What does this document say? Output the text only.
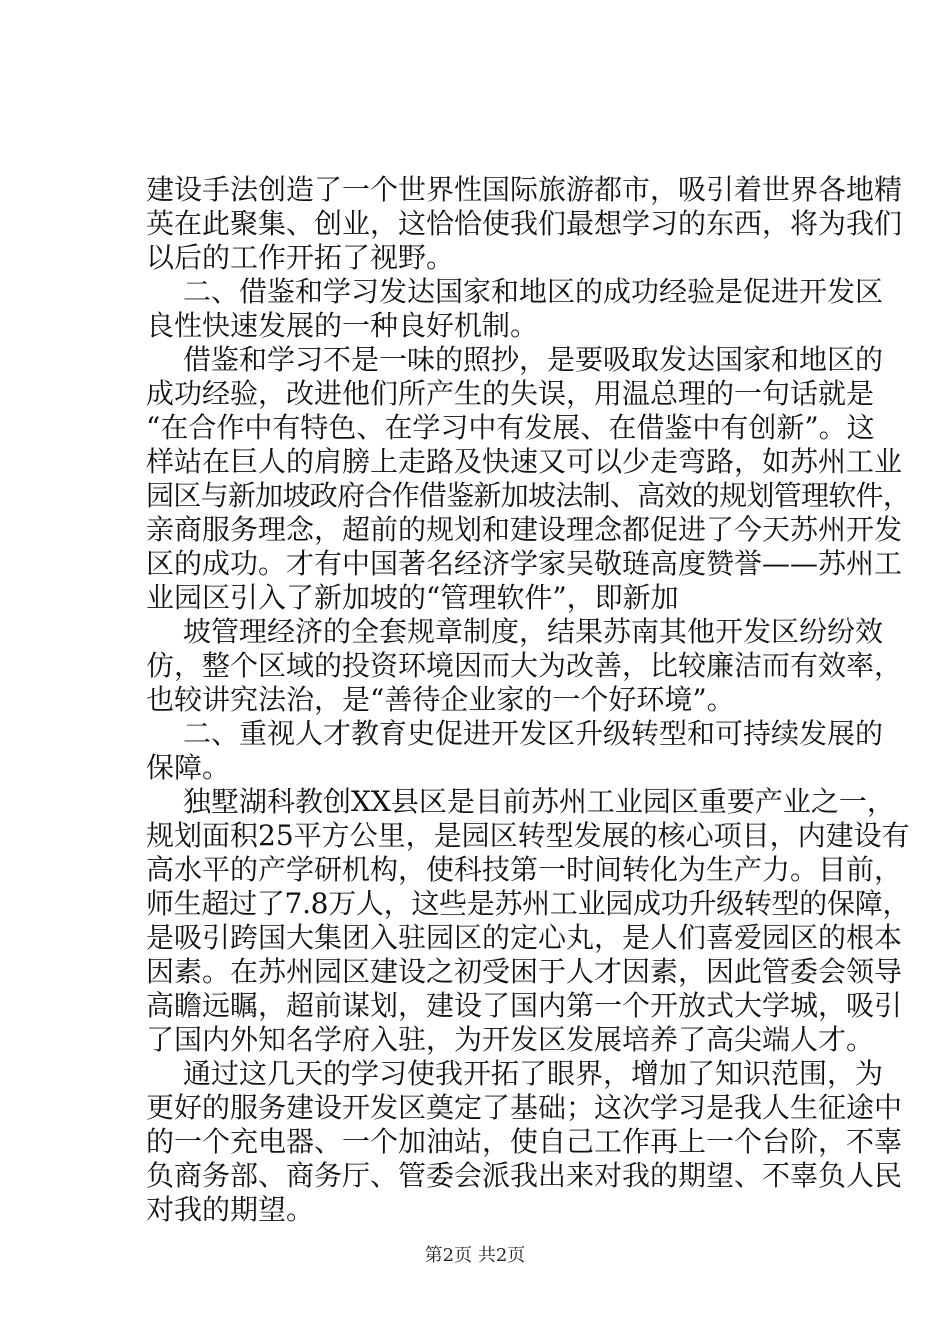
建设手法创造了一个世界性国际旅游都市，吸引着世界各地精
英在此聚集、创业，这恰恰使我们最想学习的东西，将为我们
以后的工作开拓了视野。
二、借鉴和学习发达国家和地区的成功经验是促进开发区
良性快速发展的一种良好机制。
借鉴和学习不是一味的照抄，是要吸取发达国家和地区的
成功经验，改进他们所产生的失误，用温总理的一句话就是
“在合作中有特色、在学习中有发展、在借鉴中有创新”。这
样站在巨人的肩膀上走路及快速又可以少走弯路，如苏州工业
园区与新加坡政府合作借鉴新加坡法制、高效的规划管理软件，
亲商服务理念，超前的规划和建设理念都促进了今天苏州开发
区的成功。才有中国著名经济学家吴敬琏高度赞誉——苏州工
业园区引入了新加坡的“管理软件”，即新加
坡管理经济的全套规章制度，结果苏南其他开发区纷纷效
仿，整个区域的投资环境因而大为改善，比较廉洁而有效率，
也较讲究法治，是“善待企业家的一个好环境”。
二、重视人才教育史促进开发区升级转型和可持续发展的
保障。
独墅湖科教创XX县区是目前苏州工业园区重要产业之一，
规划面积25平方公里，是园区转型发展的核心项目，内建设有
高水平的产学研机构，使科技第一时间转化为生产力。目前，
师生超过了7.8万人，这些是苏州工业园成功升级转型的保障，
是吸引跨国大集团入驻园区的定心丸，是人们喜爱园区的根本
因素。在苏州园区建设之初受困于人才因素，因此管委会领导
高瞻远瞩，超前谋划，建设了国内第一个开放式大学城，吸引
了国内外知名学府入驻，为开发区发展培养了高尖端人才。
通过这几天的学习使我开拓了眼界，增加了知识范围，为
更好的服务建设开发区奠定了基础；这次学习是我人生征途中
的一个充电器、一个加油站，使自己工作再上一个台阶，不辜
负商务部、商务厅、管委会派我出来对我的期望、不辜负人民
对我的期望。
第2页 共2页
